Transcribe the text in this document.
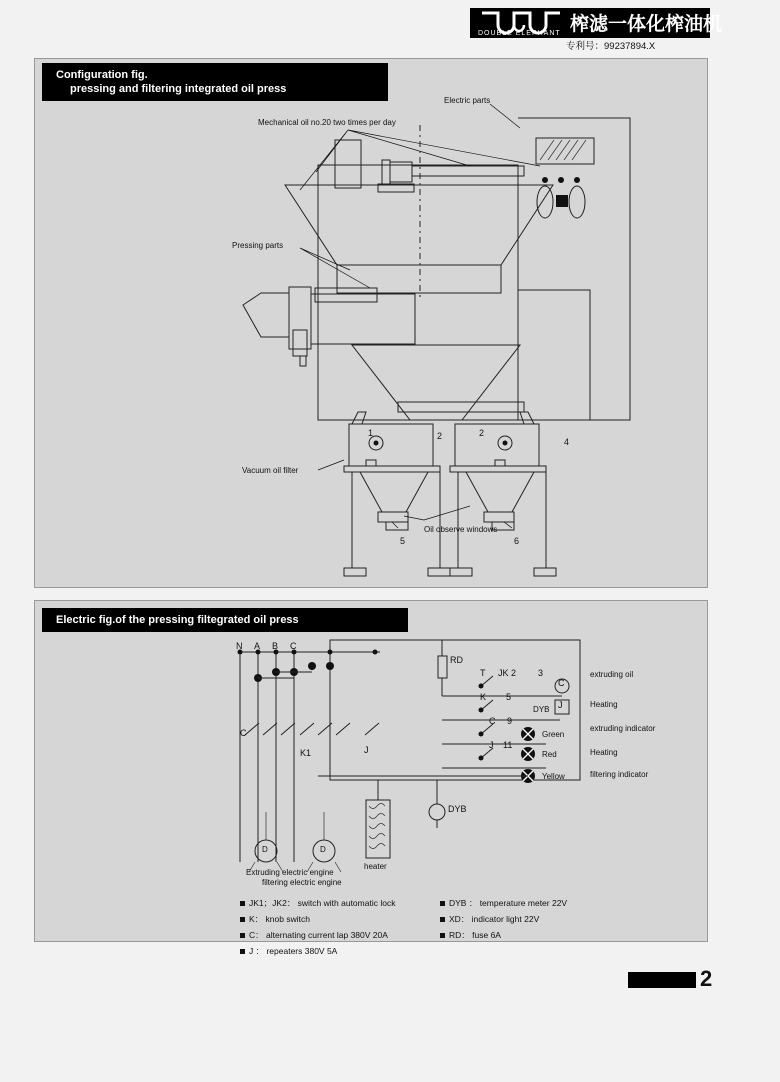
DOUBLE ELEPHANT 榨滤一体化榨油机
专利号：99237894.X
Configuration fig.
pressing and filtering integrated oil press
Electric parts
Mechanical oil no.20 two times per day
Pressing parts
Vacuum oil filter
Oil observe windows
1	2	2
4
5	6
Electric fig.of the pressing filtegrated oil press
N A B C
RD
T JK 2 3
C
K 5
J
DYB
C 9
J 11
C
K1	J
DYB
D	D
extruding oil
Heating
extruding indicator
Heating
filtering indicator
Green
Red
Yellow
Extruding electric engine
filtering electric engine
heater
JK1；JK2： switch with automatic lock
K： knob switch
C： alternating current lap 380V 20A
J ： repeaters 380V 5A
DYB ： temperature meter 22V
XD： indicator light 22V
RD： fuse 6A
2
